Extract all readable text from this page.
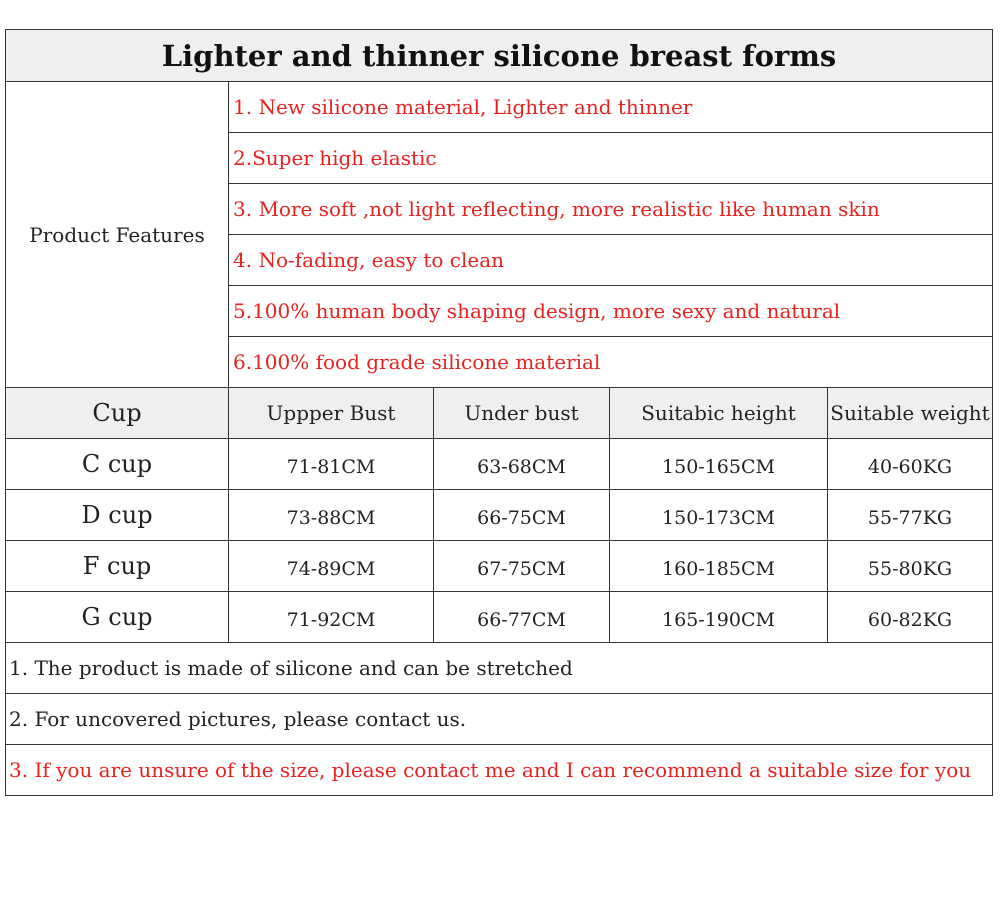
Lighter and thinner silicone breast forms				
Product Features	1. New silicone material, Lighter and thinner			
	2.Super high elastic			
	3. More soft ,not light reflecting, more realistic like human skin			
	4. No-fading, easy to clean			
	5.100% human body shaping design, more sexy and natural			
	6.100% food grade silicone material			
Cup	Uppper Bust	Under bust	Suitabic height	Suitable weight
C cup	71-81CM	63-68CM	150-165CM	40-60KG
D cup	73-88CM	66-75CM	150-173CM	55-77KG
F cup	74-89CM	67-75CM	160-185CM	55-80KG
G cup	71-92CM	66-77CM	165-190CM	60-82KG
1. The product is made of silicone and can be stretched				
2. For uncovered pictures, please contact us.				
3. If you are unsure of the size, please contact me and I can recommend a suitable size for you				
